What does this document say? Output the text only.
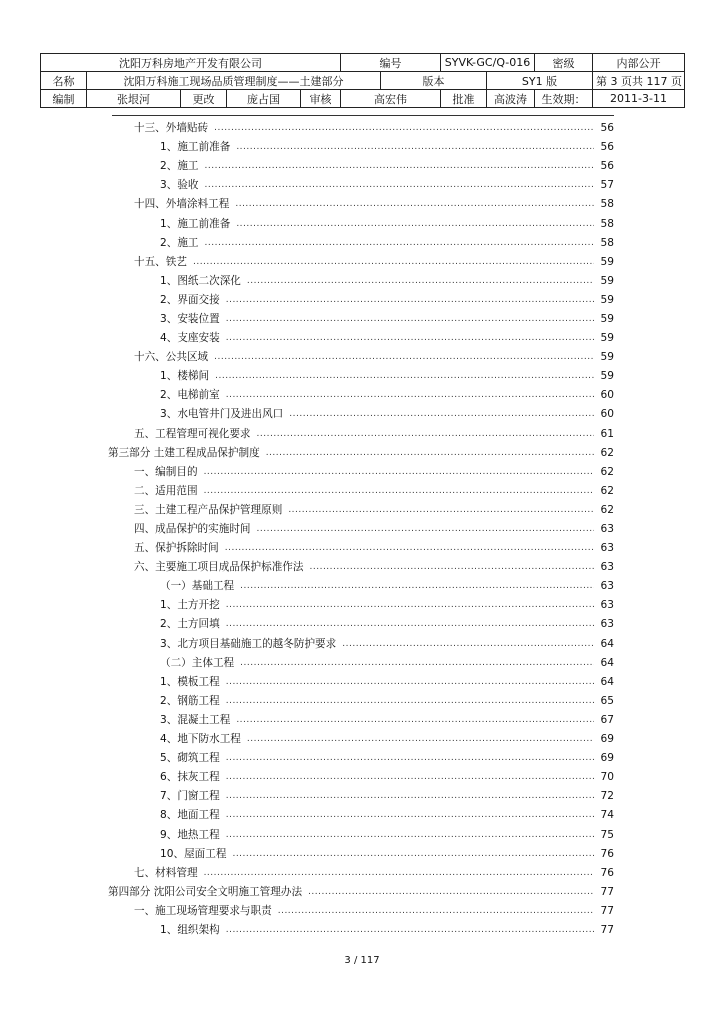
沈阳万科房地产开发有限公司					编号		SYVK-GC/Q-016		密级	内部公开
名称	沈阳万科施工现场品质管理制度——土建部分					版本		SY1 版		第 3 页共 117 页
编制	张垠河	更改	庞占国	审核	高宏伟		批准	高波涛	生效期：	2011-3-11
十三、外墙贴砖 .....	56
1、施工前准备 .....	56
2、施工 .....	56
3、验收 .....	57
十四、外墙涂料工程 .....	58
1、施工前准备 .....	58
2、施工 .....	58
十五、铁艺 .....	59
1、图纸二次深化 .....	59
2、界面交接 .....	59
3、安装位置 .....	59
4、支座安装 .....	59
十六、公共区域 .....	59
1、楼梯间 .....	59
2、电梯前室 .....	60
3、水电管井门及进出风口 .....	60
五、工程管理可视化要求 .....	61
第三部分 土建工程成品保护制度 .....	62
一、编制目的 .....	62
二、适用范围 .....	62
三、土建工程产品保护管理原则 .....	62
四、成品保护的实施时间 .....	63
五、保护拆除时间 .....	63
六、主要施工项目成品保护标准作法 .....	63
（一）基础工程 .....	63
1、土方开挖 .....	63
2、土方回填 .....	63
3、北方项目基础施工的越冬防护要求 .....	64
（二）主体工程 .....	64
1、模板工程 .....	64
2、钢筋工程 .....	65
3、混凝土工程 .....	67
4、地下防水工程 .....	69
5、砌筑工程 .....	69
6、抹灰工程 .....	70
7、门窗工程 .....	72
8、地面工程 .....	74
9、地热工程 .....	75
10、屋面工程 .....	76
七、材料管理 .....	76
第四部分 沈阳公司安全文明施工管理办法 .....	77
一、施工现场管理要求与职责 .....	77
1、组织架构 .....	77
3 / 117
